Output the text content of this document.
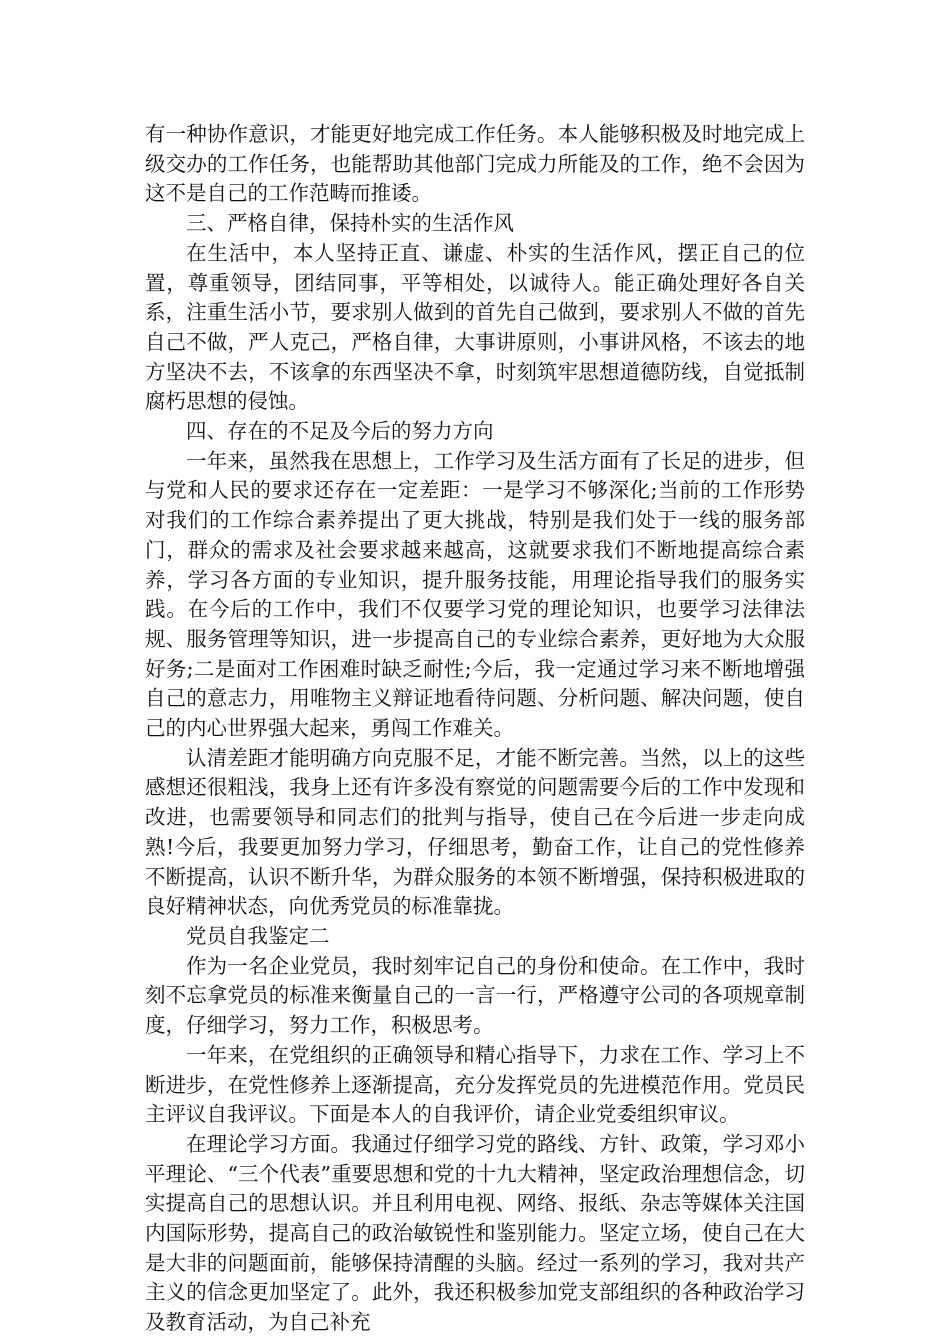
有一种协作意识，才能更好地完成工作任务。本人能够积极及时地完成上级交办的工作任务，也能帮助其他部门完成力所能及的工作，绝不会因为这不是自己的工作范畴而推诿。

三、严格自律，保持朴实的生活作风

在生活中，本人坚持正直、谦虚、朴实的生活作风，摆正自己的位置，尊重领导，团结同事，平等相处，以诚待人。能正确处理好各自关系，注重生活小节，要求别人做到的首先自己做到，要求别人不做的首先自己不做，严人克己，严格自律，大事讲原则，小事讲风格，不该去的地方坚决不去，不该拿的东西坚决不拿，时刻筑牢思想道德防线，自觉抵制腐朽思想的侵蚀。

四、存在的不足及今后的努力方向

一年来，虽然我在思想上，工作学习及生活方面有了长足的进步，但与党和人民的要求还存在一定差距：一是学习不够深化;当前的工作形势对我们的工作综合素养提出了更大挑战，特别是我们处于一线的服务部门，群众的需求及社会要求越来越高，这就要求我们不断地提高综合素养，学习各方面的专业知识，提升服务技能，用理论指导我们的服务实践。在今后的工作中，我们不仅要学习党的理论知识，也要学习法律法规、服务管理等知识，进一步提高自己的专业综合素养，更好地为大众服好务;二是面对工作困难时缺乏耐性;今后，我一定通过学习来不断地增强自己的意志力，用唯物主义辩证地看待问题、分析问题、解决问题，使自己的内心世界强大起来，勇闯工作难关。

认清差距才能明确方向克服不足，才能不断完善。当然，以上的这些感想还很粗浅，我身上还有许多没有察觉的问题需要今后的工作中发现和改进，也需要领导和同志们的批判与指导，使自己在今后进一步走向成熟!今后，我要更加努力学习，仔细思考，勤奋工作，让自己的党性修养不断提高，认识不断升华，为群众服务的本领不断增强，保持积极进取的良好精神状态，向优秀党员的标准靠拢。

党员自我鉴定二

作为一名企业党员，我时刻牢记自己的身份和使命。在工作中，我时刻不忘拿党员的标准来衡量自己的一言一行，严格遵守公司的各项规章制度，仔细学习，努力工作，积极思考。

一年来，在党组织的正确领导和精心指导下，力求在工作、学习上不断进步，在党性修养上逐渐提高，充分发挥党员的先进模范作用。党员民主评议自我评议。下面是本人的自我评价，请企业党委组织审议。

在理论学习方面。我通过仔细学习党的路线、方针、政策，学习邓小平理论、“三个代表”重要思想和党的十九大精神，坚定政治理想信念，切实提高自己的思想认识。并且利用电视、网络、报纸、杂志等媒体关注国内国际形势，提高自己的政治敏锐性和鉴别能力。坚定立场，使自己在大是大非的问题面前，能够保持清醒的头脑。经过一系列的学习，我对共产主义的信念更加坚定了。此外，我还积极参加党支部组织的各种政治学习及教育活动，为自己补充
